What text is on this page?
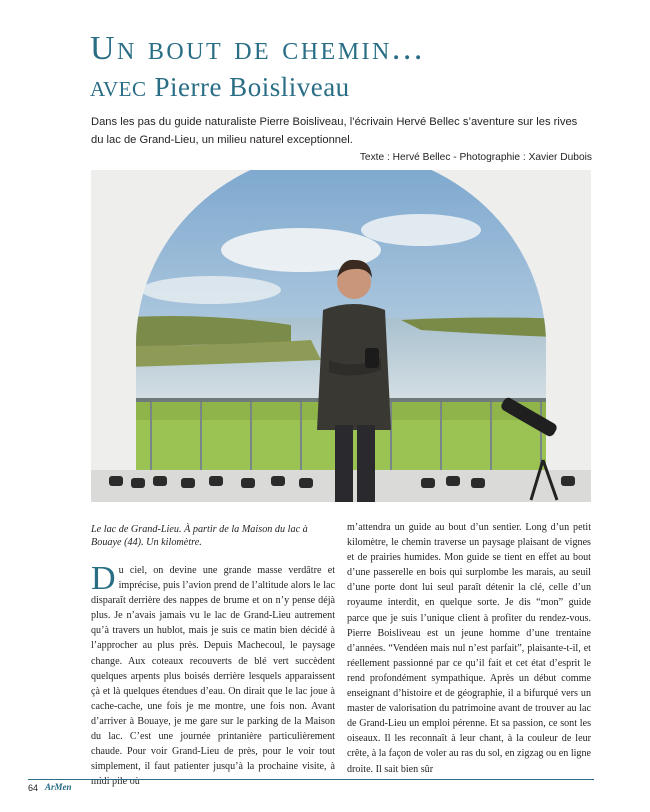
Un bout de chemin...
avec Pierre Boisliveau

Dans les pas du guide naturaliste Pierre Boisliveau, l’écrivain Hervé Bellec s’aventure sur les rives du lac de Grand-Lieu, un milieu naturel exceptionnel.

Texte : Hervé Bellec - Photographie : Xavier Dubois
Le lac de Grand-Lieu. À partir de la Maison du lac à Bouaye (44). Un kilomètre.
Du ciel, on devine une grande masse verdâtre et imprécise, puis l’avion prend de l’altitude alors le lac disparaît derrière des nappes de brume et on n’y pense déjà plus. Je n’avais jamais vu le lac de Grand-Lieu autrement qu’à travers un hublot, mais je suis ce matin bien décidé à l’approcher au plus près. Depuis Machecoul, le paysage change. Aux coteaux recouverts de blé vert succèdent quelques arpents plus boisés derrière lesquels apparaissent çà et là quelques étendues d’eau. On dirait que le lac joue à cache-cache, une fois je me montre, une fois non. Avant d’arriver à Bouaye, je me gare sur le parking de la Maison du lac. C’est une journée printanière particulièrement chaude. Pour voir Grand-Lieu de près, pour le voir tout simplement, il faut patienter jusqu’à la prochaine visite, à midi pile où
m’attendra un guide au bout d’un sentier. Long d’un petit kilomètre, le chemin traverse un paysage plaisant de vignes et de prairies humides. Mon guide se tient en effet au bout d’une passerelle en bois qui surplombe les marais, au seuil d’une porte dont lui seul paraît détenir la clé, celle d’un royaume interdit, en quelque sorte. Je dis “mon” guide parce que je suis l’unique client à profiter du rendez-vous. Pierre Boisliveau est un jeune homme d’une trentaine d’années. “Vendéen mais nul n’est parfait”, plaisante-t-il, et réellement passionné par ce qu’il fait et cet état d’esprit le rend profondément sympathique. Après un début comme enseignant d’histoire et de géographie, il a bifurqué vers un master de valorisation du patrimoine avant de trouver au lac de Grand-Lieu un emploi pérenne. Et sa passion, ce sont les oiseaux. Il les reconnaît à leur chant, à la couleur de leur crête, à la façon de voler au ras du sol, en zigzag ou en ligne droite. Il sait bien sûr
64 ArMen
